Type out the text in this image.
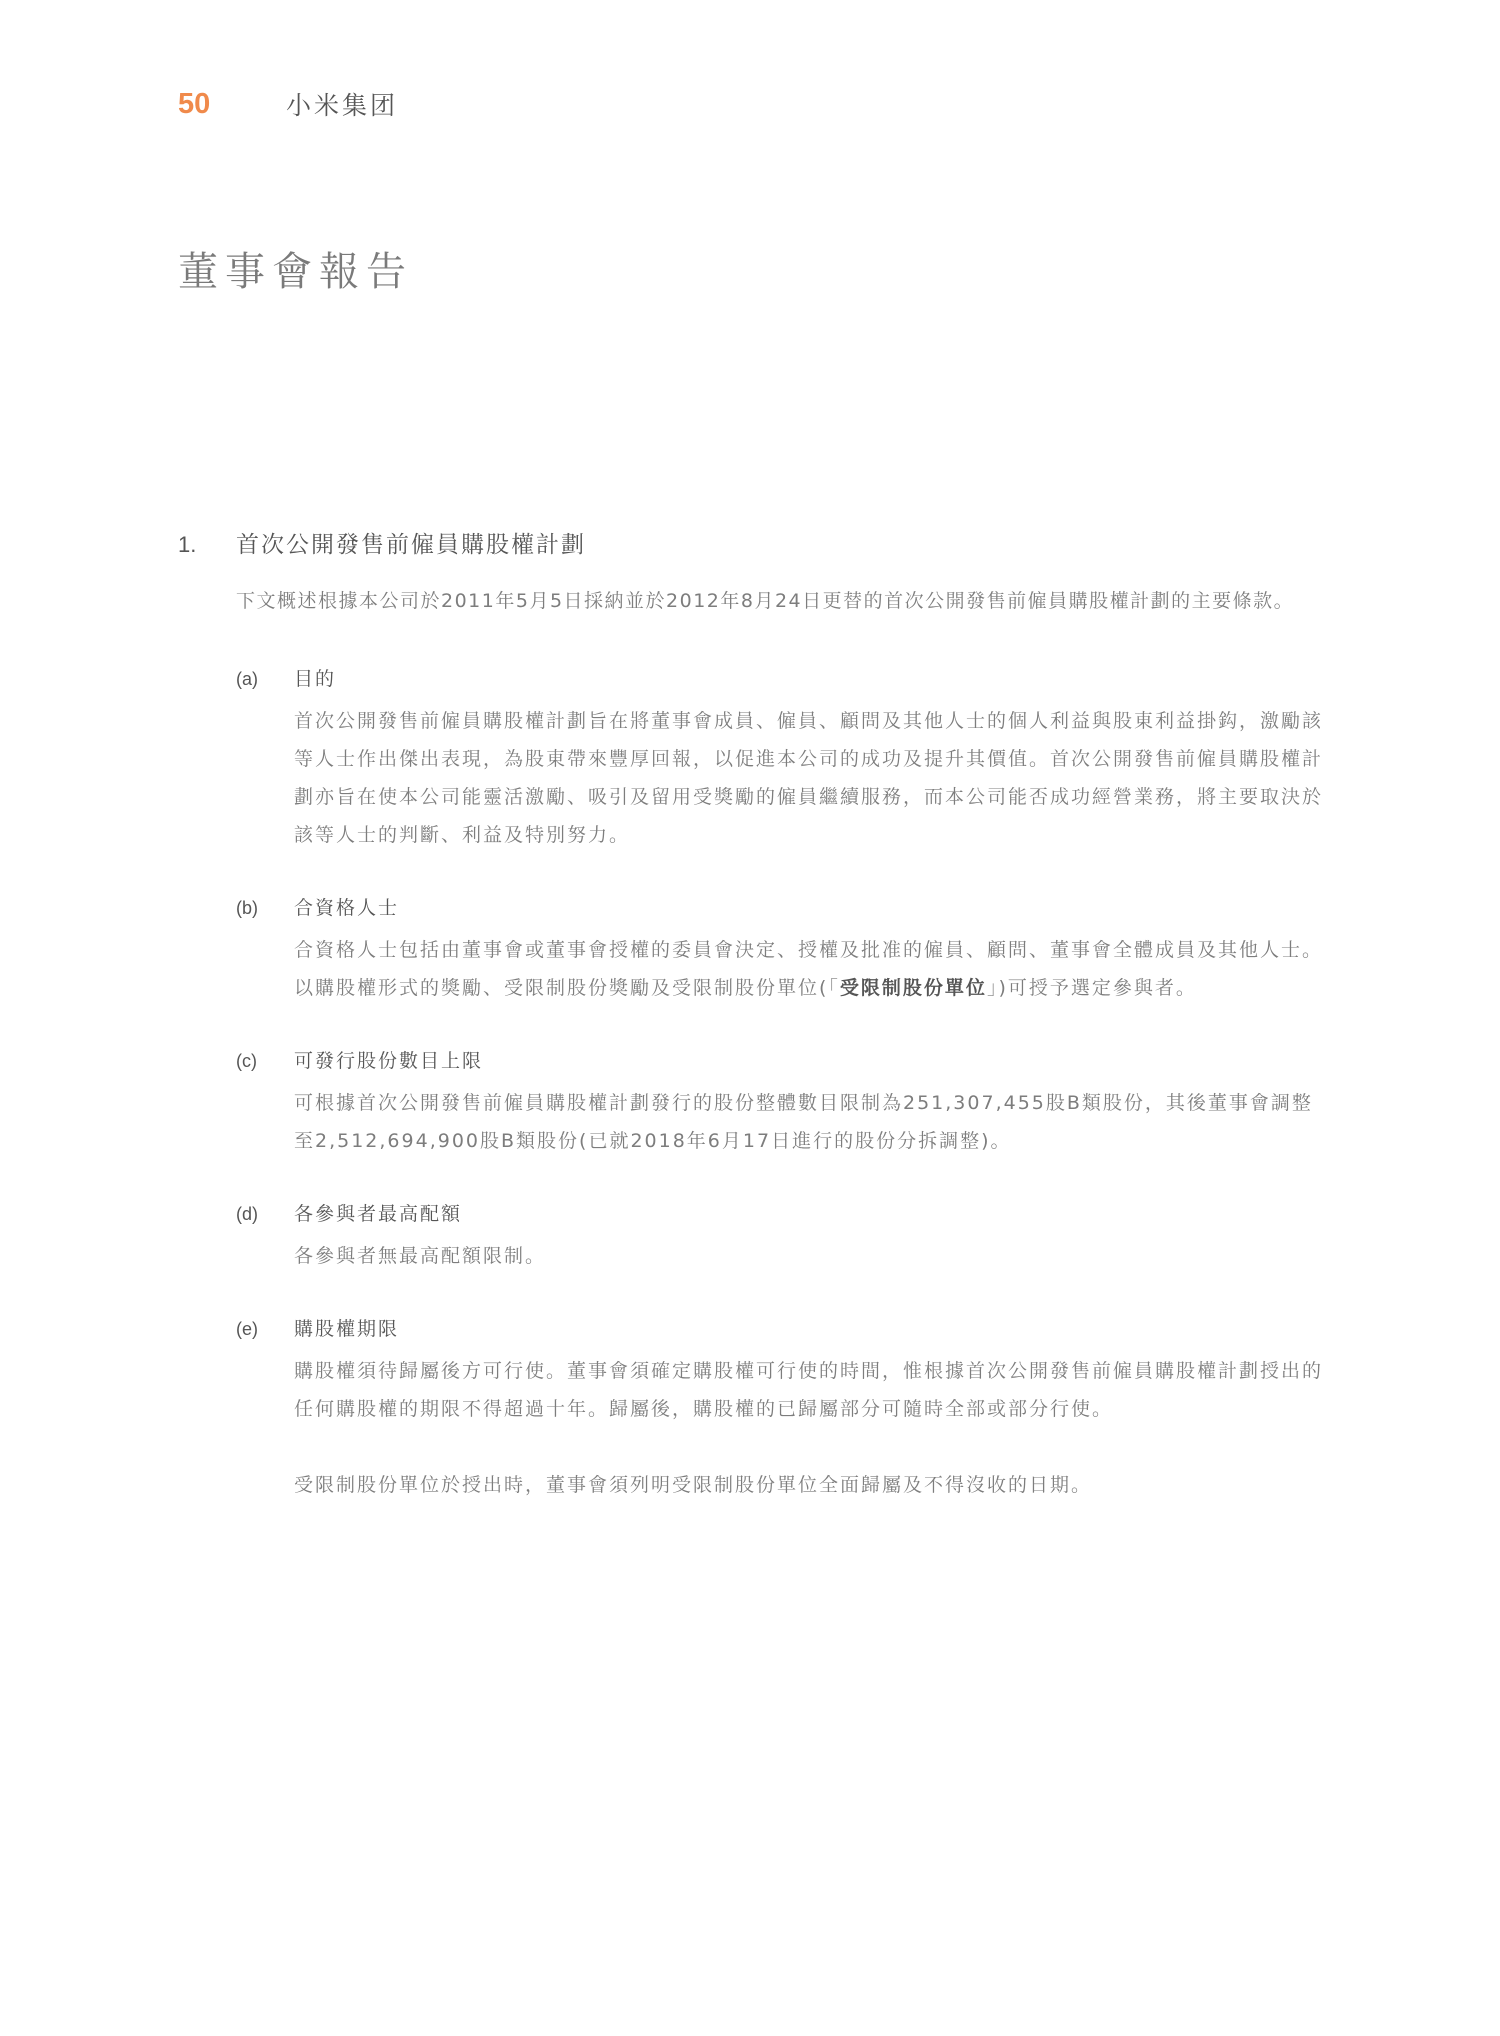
50	小米集团
董事會報告
1.	首次公開發售前僱員購股權計劃
下文概述根據本公司於2011年5月5日採納並於2012年8月24日更替的首次公開發售前僱員購股權計劃的主要條款。
(a)	目的

首次公開發售前僱員購股權計劃旨在將董事會成員、僱員、顧問及其他人士的個人利益與股東利益掛鈎，激勵該等人士作出傑出表現，為股東帶來豐厚回報，以促進本公司的成功及提升其價值。首次公開發售前僱員購股權計劃亦旨在使本公司能靈活激勵、吸引及留用受獎勵的僱員繼續服務，而本公司能否成功經營業務，將主要取決於該等人士的判斷、利益及特別努力。

(b)	合資格人士

合資格人士包括由董事會或董事會授權的委員會決定、授權及批准的僱員、顧問、董事會全體成員及其他人士。以購股權形式的獎勵、受限制股份獎勵及受限制股份單位(「受限制股份單位」)可授予選定參與者。

(c)	可發行股份數目上限

可根據首次公開發售前僱員購股權計劃發行的股份整體數目限制為251,307,455股B類股份，其後董事會調整至2,512,694,900股B類股份(已就2018年6月17日進行的股份分拆調整)。

(d)	各參與者最高配額

各參與者無最高配額限制。

(e)	購股權期限

購股權須待歸屬後方可行使。董事會須確定購股權可行使的時間，惟根據首次公開發售前僱員購股權計劃授出的任何購股權的期限不得超過十年。歸屬後，購股權的已歸屬部分可隨時全部或部分行使。

受限制股份單位於授出時，董事會須列明受限制股份單位全面歸屬及不得沒收的日期。
